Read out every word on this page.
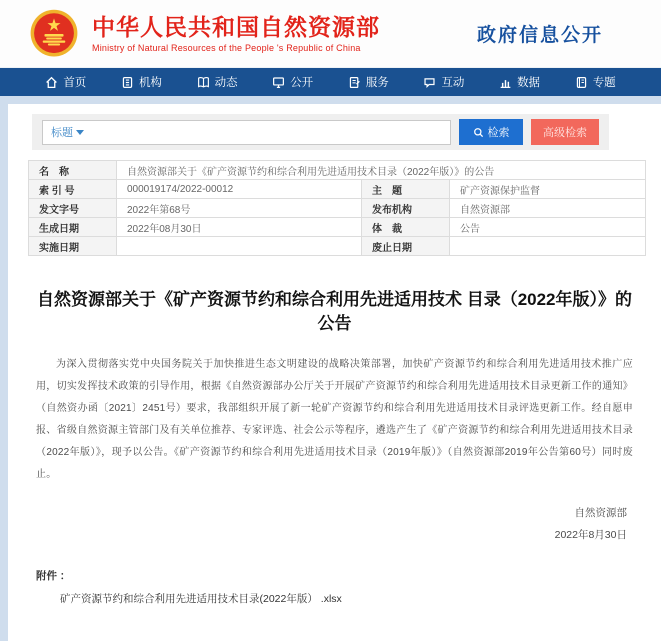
中华人民共和国自然资源部
Ministry of Natural Resources of the People 's Republic of China
政府信息公开
首页	机构	动态	公开	服务	互动	数据	专题
标题	检索	高级检索
名　称	自然资源部关于《矿产资源节约和综合利用先进适用技术目录（2022年版）》的公告		
索 引 号	000019174/2022-00012	主　题	矿产资源保护监督
发文字号	2022年第68号	发布机构	自然资源部
生成日期	2022年08月30日	体　裁	公告
实施日期		废止日期	
自然资源部关于《矿产资源节约和综合利用先进适用技术 目录（2022年版）》的公告
为深入贯彻落实党中央国务院关于加快推进生态文明建设的战略决策部署，加快矿产资源节约和综合利用先进适用技术推广应用，切实发挥技术政策的引导作用，根据《自然资源部办公厅关于开展矿产资源节约和综合利用先进适用技术目录更新工作的通知》（自然资办函〔2021〕2451号）要求，我部组织开展了新一轮矿产资源节约和综合利用先进适用技术目录评选更新工作。经自愿申报、省级自然资源主管部门及有关单位推荐、专家评选、社会公示等程序，遴选产生了《矿产资源节约和综合利用先进适用技术目录（2022年版）》，现予以公告。《矿产资源节约和综合利用先进适用技术目录（2019年版）》（自然资源部2019年公告第60号）同时废止。
自然资源部
2022年8月30日
附件 ：
矿产资源节约和综合利用先进适用技术目录(2022年版） .xlsx
